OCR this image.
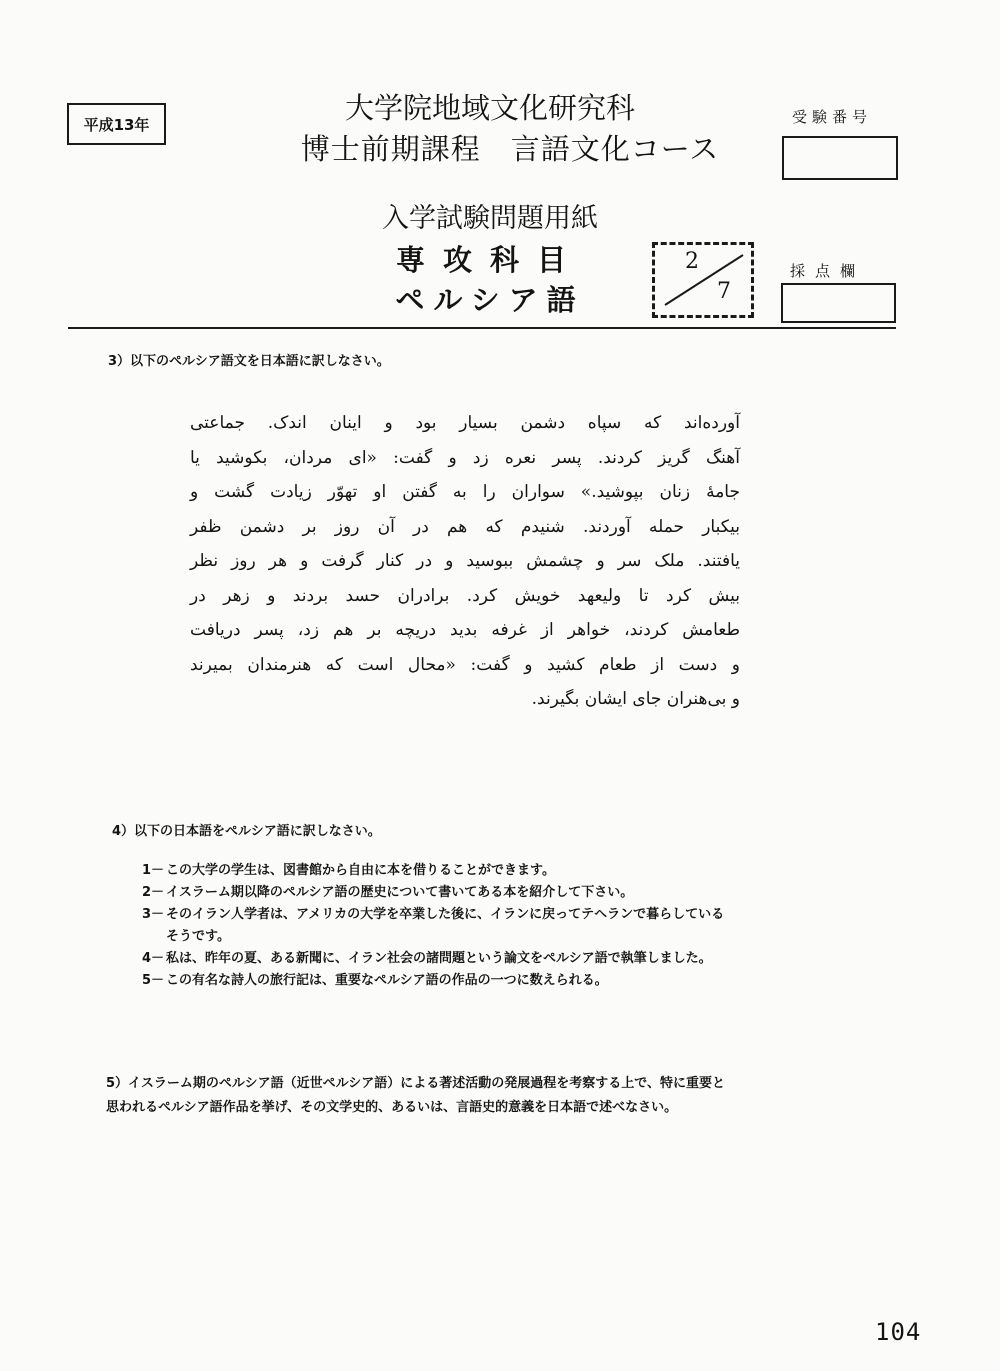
平成13年	大学院地域文化研究科
博士前期課程　言語文化コース
入学試験問題用紙
専攻科目
ペルシア語
受験番号
採点欄
2
7
3）以下のペルシア語文を日本語に訳しなさい。
آورده‌اند که سپاه دشمن بسیار بود و اینان اندک. جماعتی
آهنگ گریز کردند. پسر نعره زد و گفت: «ای مردان، بکوشید یا
جامهٔ زنان بپوشید.» سواران را به گفتن او تهوّر زیادت گشت و
بیکبار حمله آوردند. شنیدم که هم در آن روز بر دشمن ظفر
یافتند. ملک سر و چشمش ببوسید و در کنار گرفت و هر روز نظر
بیش کرد تا ولیعهد خویش کرد. برادران حسد بردند و زهر در
طعامش کردند، خواهر از غرفه بدید دریچه بر هم زد، پسر دریافت
و دست از طعام کشید و گفت: «محال است که هنرمندان بمیرند
و بی‌هنران جای ایشان بگیرند.
4）以下の日本語をペルシア語に訳しなさい。
1－ この大学の学生は、図書館から自由に本を借りることができます。
2－ イスラーム期以降のペルシア語の歴史について書いてある本を紹介して下さい。
3－ そのイラン人学者は、アメリカの大学を卒業した後に、イランに戻ってテヘランで暮らしているそうです。
4－ 私は、昨年の夏、ある新聞に、イラン社会の諸問題という論文をペルシア語で執筆しました。
5－ この有名な詩人の旅行記は、重要なペルシア語の作品の一つに数えられる。
5）イスラーム期のペルシア語（近世ペルシア語）による著述活動の発展過程を考察する上で、特に重要と思われるペルシア語作品を挙げ、その文学史的、あるいは、言語史的意義を日本語で述べなさい。
104
